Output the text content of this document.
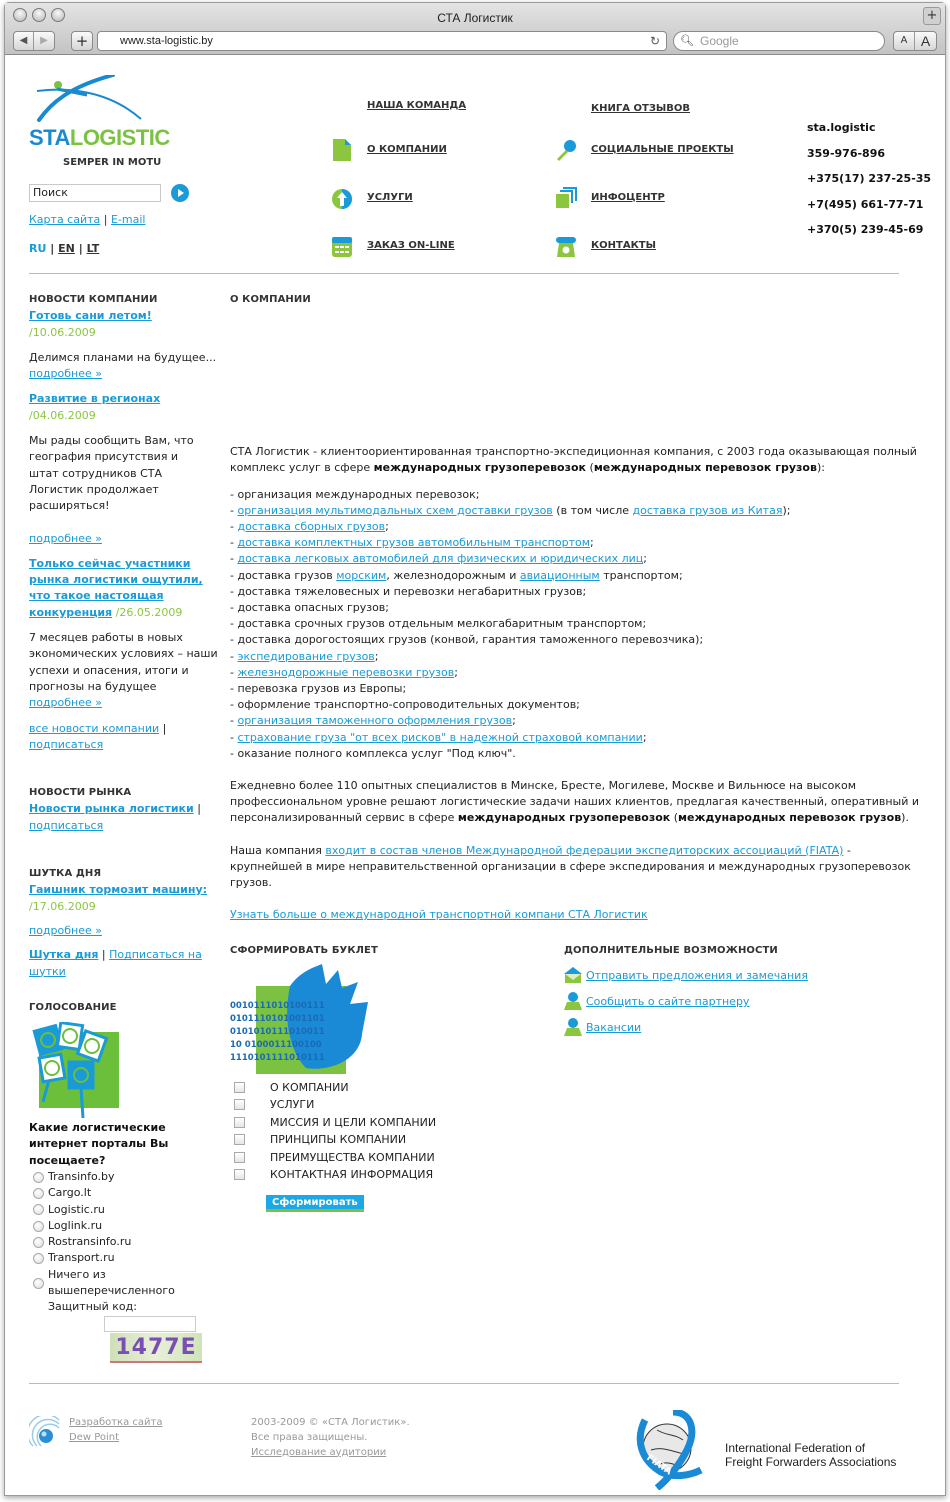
СТА Логистик	+
◀	▶	+	www.sta-logistic.by	↻ 🔍︎ Google	A A
STALOGISTIC
SEMPER IN MOTU
Поиск
Карта сайта | E-mail
RU | EN | LT
НАША КОМАНДА
О КОМПАНИИ
УСЛУГИ
ЗАКАЗ ON-LINE
КНИГА ОТЗЫВОВ
СОЦИАЛЬНЫЕ ПРОЕКТЫ
ИНФОЦЕНТР
КОНТАКТЫ
sta.logistic
359-976-896
+375(17) 237-25-35
+7(495) 661-77-71
+370(5) 239-45-69
НОВОСТИ КОМПАНИИ
Готовь сани летом!
/10.06.2009

Делимся планами на будущее...

подробнее »
Развитие в регионах
/04.06.2009

Мы рады сообщить Вам, что география присутствия и штат сотрудников СТА Логистик продолжает расширяться!

подробнее »
Только сейчас участники рынка логистики ощутили, что такое настоящая конкуренция /26.05.2009

7 месяцев работы в новых экономических условиях – наши успехи и опасения, итоги и прогнозы на будущее

подробнее »
все новости компании |
подписаться
НОВОСТИ РЫНКА
Новости рынка логистики |
подписаться
ШУТКА ДНЯ
Гаишник тормозит машину:
/17.06.2009
подробнее »
Шутка дня | Подписаться на шутки
ГОЛОСОВАНИЕ
Какие логистические интернет порталы Вы посещаете?
Transinfo.by
Cargo.lt
Logistic.ru
Loglink.ru
Rostransinfo.ru
Transport.ru
Ничего из вышеперечисленного
Защитный код:
1477E
О КОМПАНИИ

СТА Логистик - клиентоориентированная транспортно-экспедиционная компания, с 2003 года оказывающая полный комплекс услуг в сфере международных грузоперевозок (международных перевозок грузов):

- организация международных перевозок;
- организация мультимодальных схем доставки грузов (в том числе доставка грузов из Китая);
- доставка сборных грузов;
- доставка комплектных грузов автомобильным транспортом;
- доставка легковых автомобилей для физических и юридических лиц;
- доставка грузов морским, железнодорожным и авиационным транспортом;
- доставка тяжеловесных и перевозки негабаритных грузов;
- доставка опасных грузов;
- доставка срочных грузов отдельным мелкогабаритным транспортом;
- доставка дорогостоящих грузов (конвой, гарантия таможенного перевозчика);
- экспедирование грузов;
- железнодорожные перевозки грузов;
- перевозка грузов из Европы;
- оформление транспортно-сопроводительных документов;
- организация таможенного оформления грузов;
- страхование груза "от всех рисков" в надежной страховой компании;
- оказание полного комплекса услуг "Под ключ".

Ежедневно более 110 опытных специалистов в Минске, Бресте, Могилеве, Москве и Вильнюсе на высоком профессиональном уровне решают логистические задачи наших клиентов, предлагая качественный, оперативный и персонализированный сервис в сфере международных грузоперевозок (международных перевозок грузов).

Наша компания входит в состав членов Международной федерации экспедиторских ассоциаций (FIATA) - крупнейшей в мире неправительственной организации в сфере экспедирования и международных грузоперевозок грузов.

Узнать больше о международной транспортной компани СТА Логистик

СФОРМИРОВАТЬ БУКЛЕТ
0010111010100111
0101110101001101
0101010111010011
10 0100011100100
1110101111010111
О КОМПАНИИ
УСЛУГИ
МИССИЯ И ЦЕЛИ КОМПАНИИ
ПРИНЦИПЫ КОМПАНИИ
ПРЕИМУЩЕСТВА КОМПАНИИ
КОНТАКТНАЯ ИНФОРМАЦИЯ
Сформировать
ДОПОЛНИТЕЛЬНЫЕ ВОЗМОЖНОСТИ
Отправить предложения и замечания
Сообщить о сайте партнеру
Вакансии
Разработка сайта
Dew Point
2003-2009 © «СТА Логистик».
Все права защищены.
Исследование аудитории
FIATA
International Federation of
Freight Forwarders Associations
